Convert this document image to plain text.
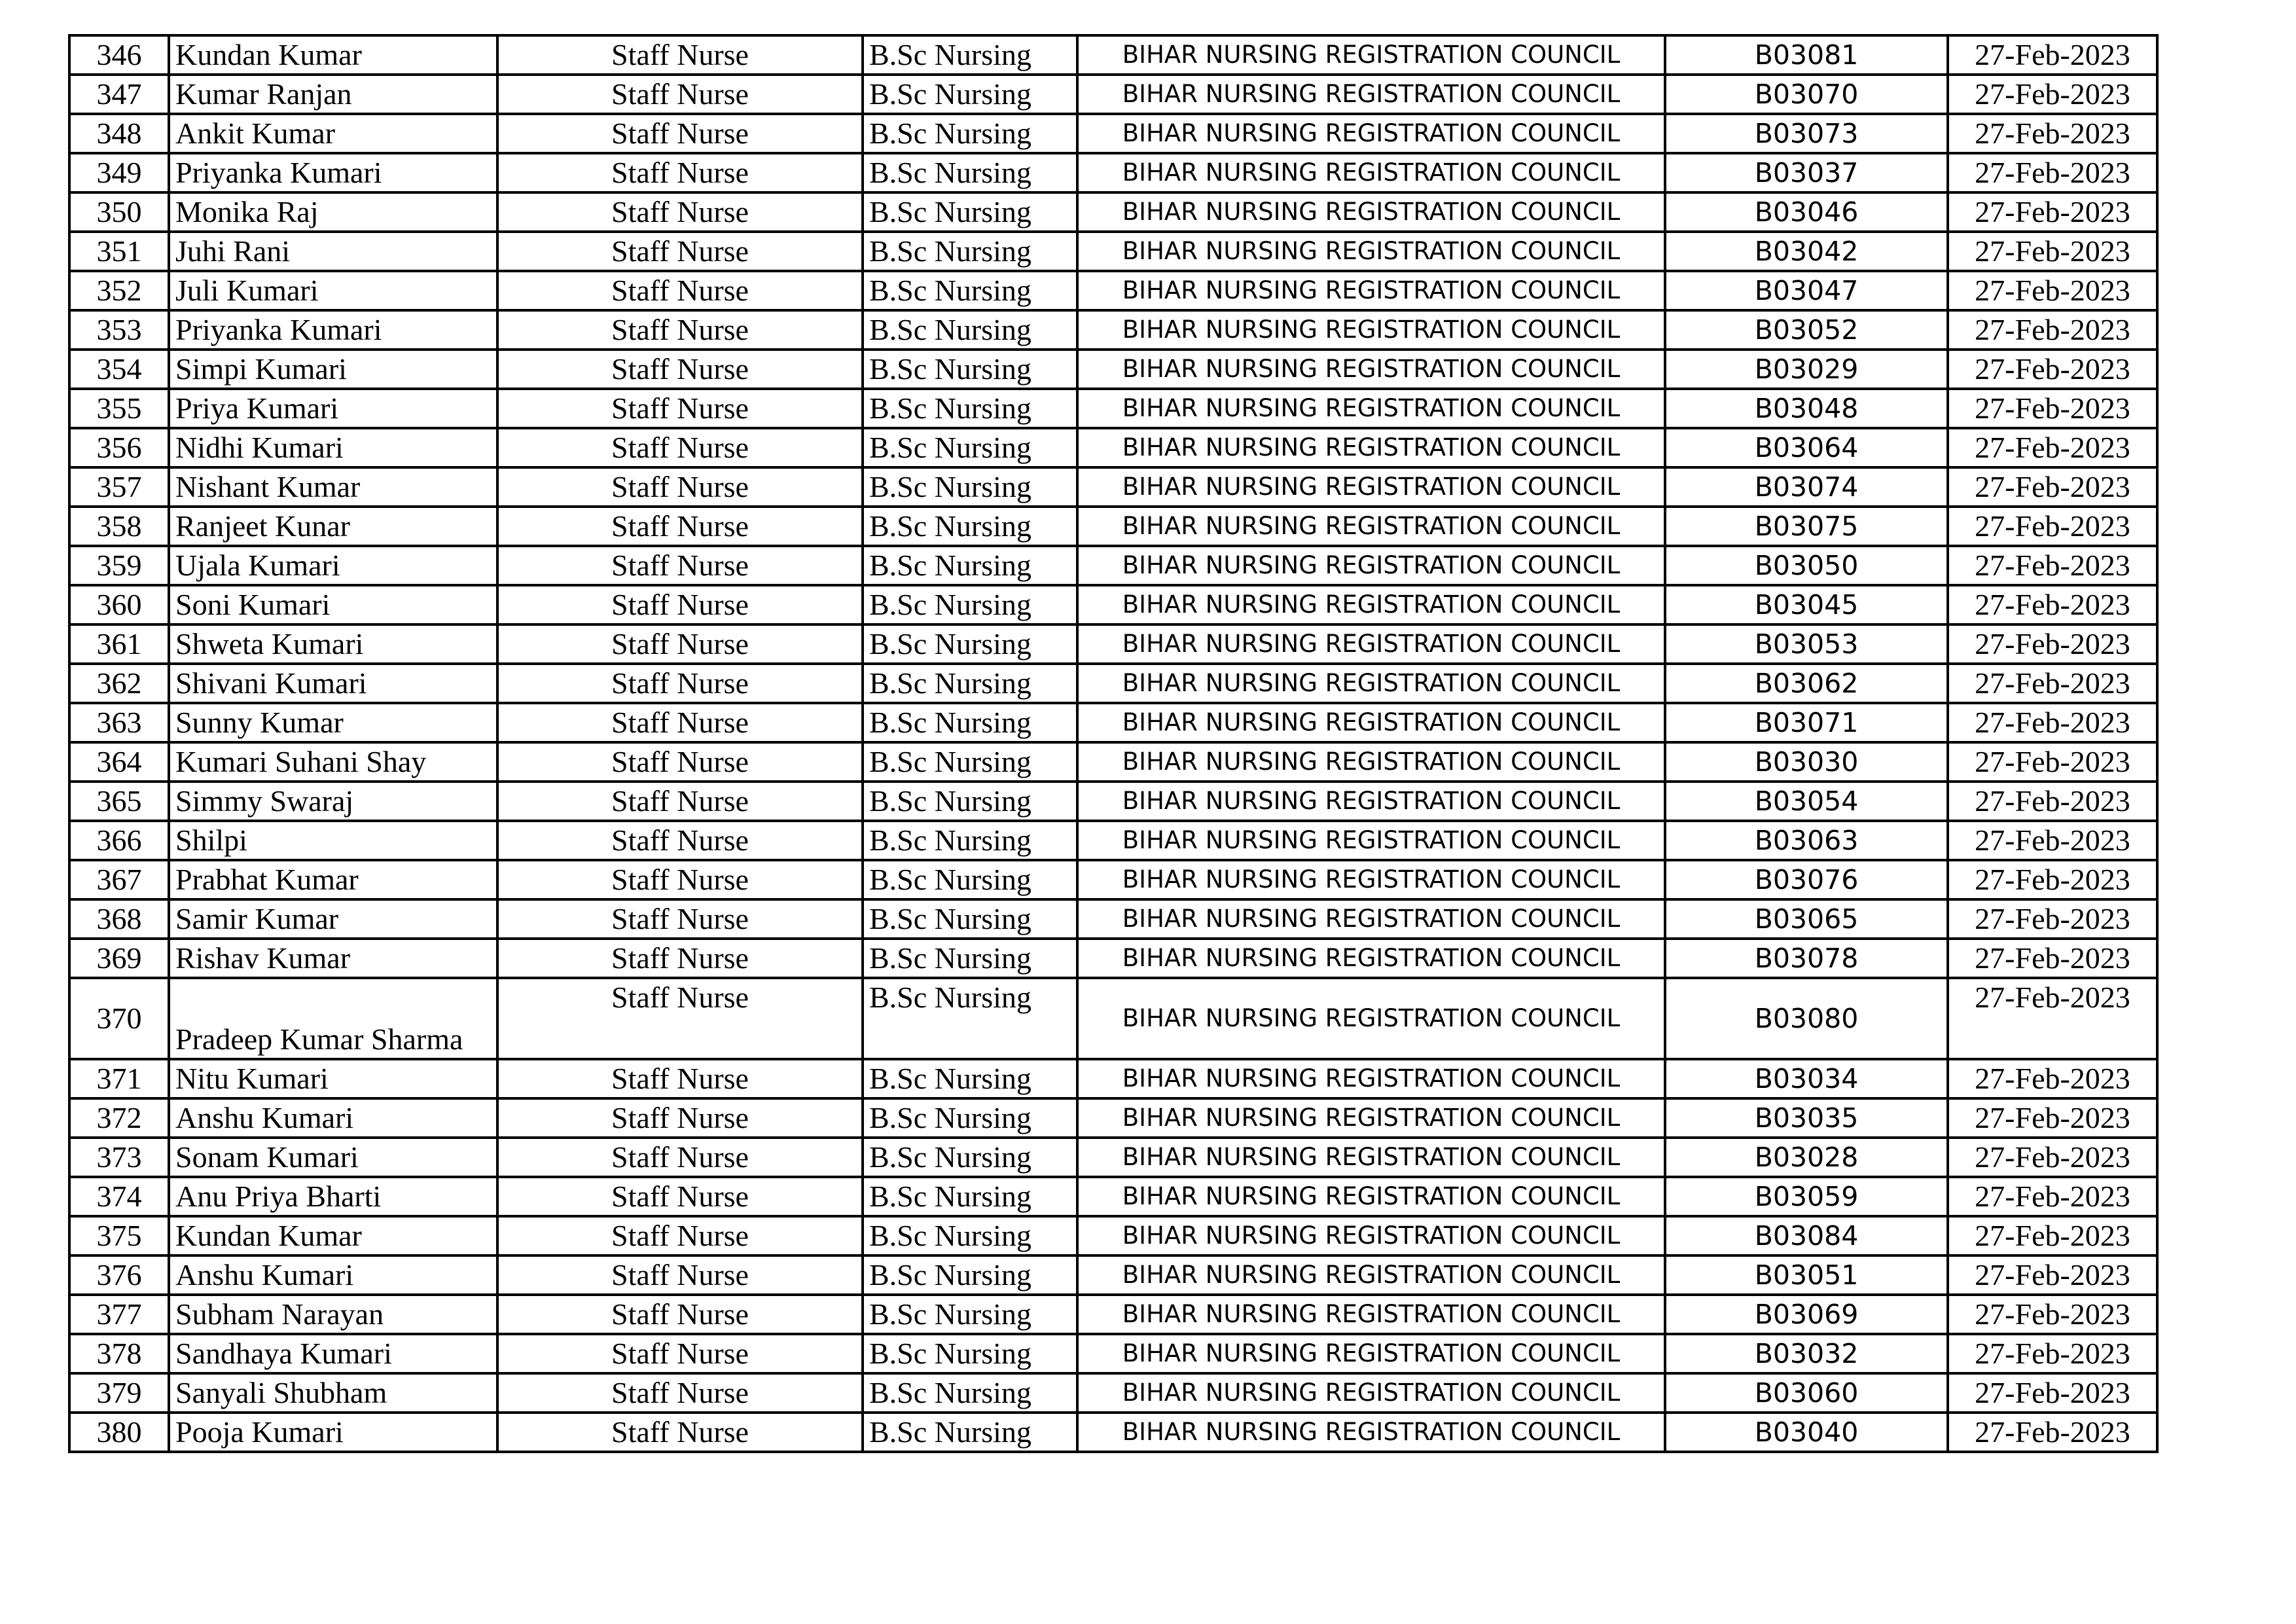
346	Kundan Kumar	Staff Nurse	B.Sc Nursing	BIHAR NURSING REGISTRATION COUNCIL	B03081	27-Feb-2023
347	Kumar Ranjan	Staff Nurse	B.Sc Nursing	BIHAR NURSING REGISTRATION COUNCIL	B03070	27-Feb-2023
348	Ankit Kumar	Staff Nurse	B.Sc Nursing	BIHAR NURSING REGISTRATION COUNCIL	B03073	27-Feb-2023
349	Priyanka Kumari	Staff Nurse	B.Sc Nursing	BIHAR NURSING REGISTRATION COUNCIL	B03037	27-Feb-2023
350	Monika Raj	Staff Nurse	B.Sc Nursing	BIHAR NURSING REGISTRATION COUNCIL	B03046	27-Feb-2023
351	Juhi Rani	Staff Nurse	B.Sc Nursing	BIHAR NURSING REGISTRATION COUNCIL	B03042	27-Feb-2023
352	Juli Kumari	Staff Nurse	B.Sc Nursing	BIHAR NURSING REGISTRATION COUNCIL	B03047	27-Feb-2023
353	Priyanka Kumari	Staff Nurse	B.Sc Nursing	BIHAR NURSING REGISTRATION COUNCIL	B03052	27-Feb-2023
354	Simpi Kumari	Staff Nurse	B.Sc Nursing	BIHAR NURSING REGISTRATION COUNCIL	B03029	27-Feb-2023
355	Priya Kumari	Staff Nurse	B.Sc Nursing	BIHAR NURSING REGISTRATION COUNCIL	B03048	27-Feb-2023
356	Nidhi Kumari	Staff Nurse	B.Sc Nursing	BIHAR NURSING REGISTRATION COUNCIL	B03064	27-Feb-2023
357	Nishant Kumar	Staff Nurse	B.Sc Nursing	BIHAR NURSING REGISTRATION COUNCIL	B03074	27-Feb-2023
358	Ranjeet Kunar	Staff Nurse	B.Sc Nursing	BIHAR NURSING REGISTRATION COUNCIL	B03075	27-Feb-2023
359	Ujala Kumari	Staff Nurse	B.Sc Nursing	BIHAR NURSING REGISTRATION COUNCIL	B03050	27-Feb-2023
360	Soni Kumari	Staff Nurse	B.Sc Nursing	BIHAR NURSING REGISTRATION COUNCIL	B03045	27-Feb-2023
361	Shweta Kumari	Staff Nurse	B.Sc Nursing	BIHAR NURSING REGISTRATION COUNCIL	B03053	27-Feb-2023
362	Shivani Kumari	Staff Nurse	B.Sc Nursing	BIHAR NURSING REGISTRATION COUNCIL	B03062	27-Feb-2023
363	Sunny Kumar	Staff Nurse	B.Sc Nursing	BIHAR NURSING REGISTRATION COUNCIL	B03071	27-Feb-2023
364	Kumari Suhani Shay	Staff Nurse	B.Sc Nursing	BIHAR NURSING REGISTRATION COUNCIL	B03030	27-Feb-2023
365	Simmy Swaraj	Staff Nurse	B.Sc Nursing	BIHAR NURSING REGISTRATION COUNCIL	B03054	27-Feb-2023
366	Shilpi	Staff Nurse	B.Sc Nursing	BIHAR NURSING REGISTRATION COUNCIL	B03063	27-Feb-2023
367	Prabhat Kumar	Staff Nurse	B.Sc Nursing	BIHAR NURSING REGISTRATION COUNCIL	B03076	27-Feb-2023
368	Samir Kumar	Staff Nurse	B.Sc Nursing	BIHAR NURSING REGISTRATION COUNCIL	B03065	27-Feb-2023
369	Rishav Kumar	Staff Nurse	B.Sc Nursing	BIHAR NURSING REGISTRATION COUNCIL	B03078	27-Feb-2023
370	Pradeep Kumar Sharma	Staff Nurse	B.Sc Nursing	BIHAR NURSING REGISTRATION COUNCIL	B03080	27-Feb-2023
371	Nitu Kumari	Staff Nurse	B.Sc Nursing	BIHAR NURSING REGISTRATION COUNCIL	B03034	27-Feb-2023
372	Anshu Kumari	Staff Nurse	B.Sc Nursing	BIHAR NURSING REGISTRATION COUNCIL	B03035	27-Feb-2023
373	Sonam Kumari	Staff Nurse	B.Sc Nursing	BIHAR NURSING REGISTRATION COUNCIL	B03028	27-Feb-2023
374	Anu Priya Bharti	Staff Nurse	B.Sc Nursing	BIHAR NURSING REGISTRATION COUNCIL	B03059	27-Feb-2023
375	Kundan Kumar	Staff Nurse	B.Sc Nursing	BIHAR NURSING REGISTRATION COUNCIL	B03084	27-Feb-2023
376	Anshu Kumari	Staff Nurse	B.Sc Nursing	BIHAR NURSING REGISTRATION COUNCIL	B03051	27-Feb-2023
377	Subham Narayan	Staff Nurse	B.Sc Nursing	BIHAR NURSING REGISTRATION COUNCIL	B03069	27-Feb-2023
378	Sandhaya Kumari	Staff Nurse	B.Sc Nursing	BIHAR NURSING REGISTRATION COUNCIL	B03032	27-Feb-2023
379	Sanyali Shubham	Staff Nurse	B.Sc Nursing	BIHAR NURSING REGISTRATION COUNCIL	B03060	27-Feb-2023
380	Pooja Kumari	Staff Nurse	B.Sc Nursing	BIHAR NURSING REGISTRATION COUNCIL	B03040	27-Feb-2023
